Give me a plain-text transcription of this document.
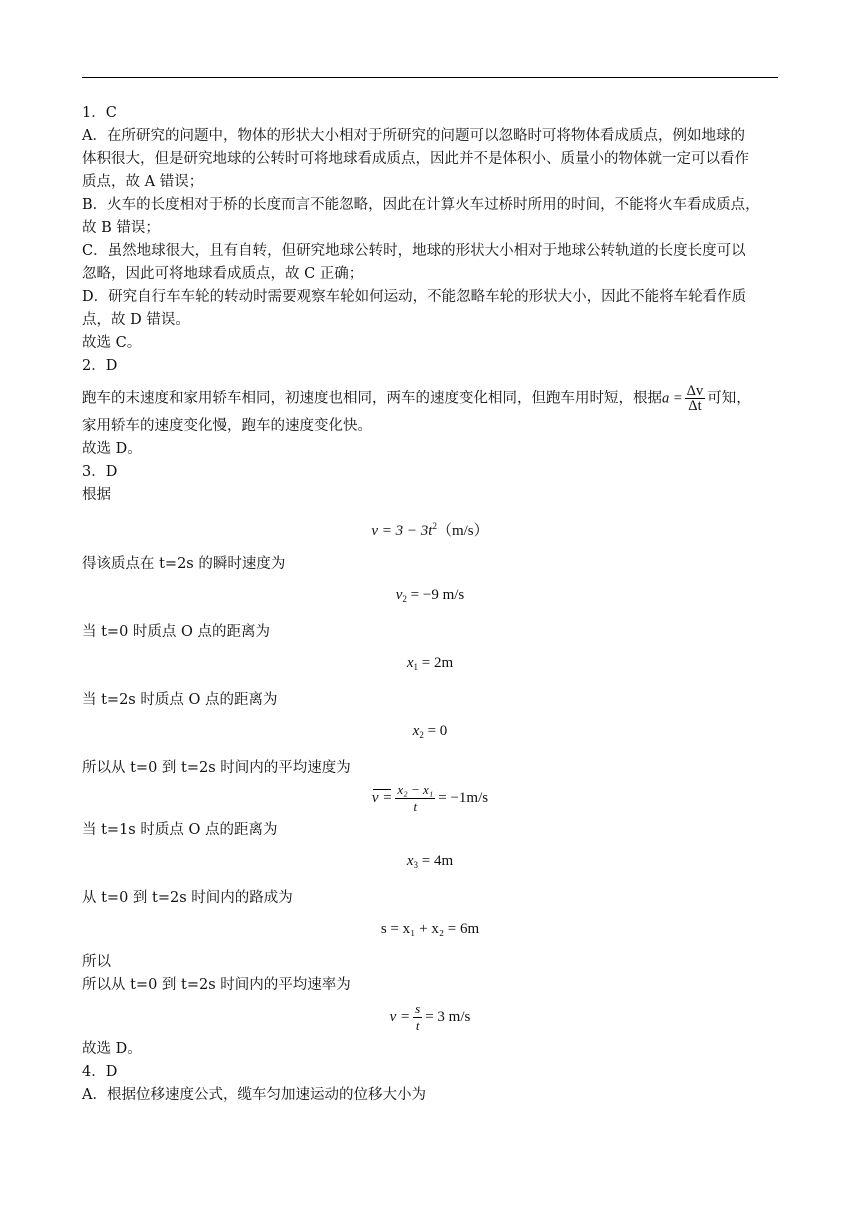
1．C
A．在所研究的问题中，物体的形状大小相对于所研究的问题可以忽略时可将物体看成质点，例如地球的
体积很大，但是研究地球的公转时可将地球看成质点，因此并不是体积小、质量小的物体就一定可以看作
质点，故 A 错误；
B．火车的长度相对于桥的长度而言不能忽略，因此在计算火车过桥时所用的时间，不能将火车看成质点，
故 B 错误；
C．虽然地球很大，且有自转，但研究地球公转时，地球的形状大小相对于地球公转轨道的长度长度可以
忽略，因此可将地球看成质点，故 C 正确；
D．研究自行车车轮的转动时需要观察车轮如何运动，不能忽略车轮的形状大小，因此不能将车轮看作质
点，故 D 错误。
故选 C。
2．D
跑车的末速度和家用轿车相同，初速度也相同，两车的速度变化相同，但跑车用时短，根据$a = \frac{\Delta v}{\Delta t}$ 可知，
家用轿车的速度变化慢，跑车的速度变化快。
故选 D。
3．D
根据
$v = 3 - 3t^2(m/s)$
得该质点在 t=2s 的瞬时速度为
$v_2 = -9$ m/s
当 t=0 时质点 O 点的距离为
$x_1 = 2m$
当 t=2s 时质点 O 点的距离为
$x_2 = 0$
所以从 t=0 到 t=2s 时间内的平均速度为
$v = \frac{\text{x₂ − x₁}}{t} = -1m/s$
当 t=1s 时质点 O 点的距离为
$x_3 = 4m$
从 t=0 到 t=2s 时间内的路成为
s = x₁ + x₂ = 6m
所以
所以从 t=0 到 t=2s 时间内的平均速率为
$v = \frac{s}{t} = 3$ m/s
故选 D。
4．D
A．根据位移速度公式，缆车匀加速运动的位移大小为
